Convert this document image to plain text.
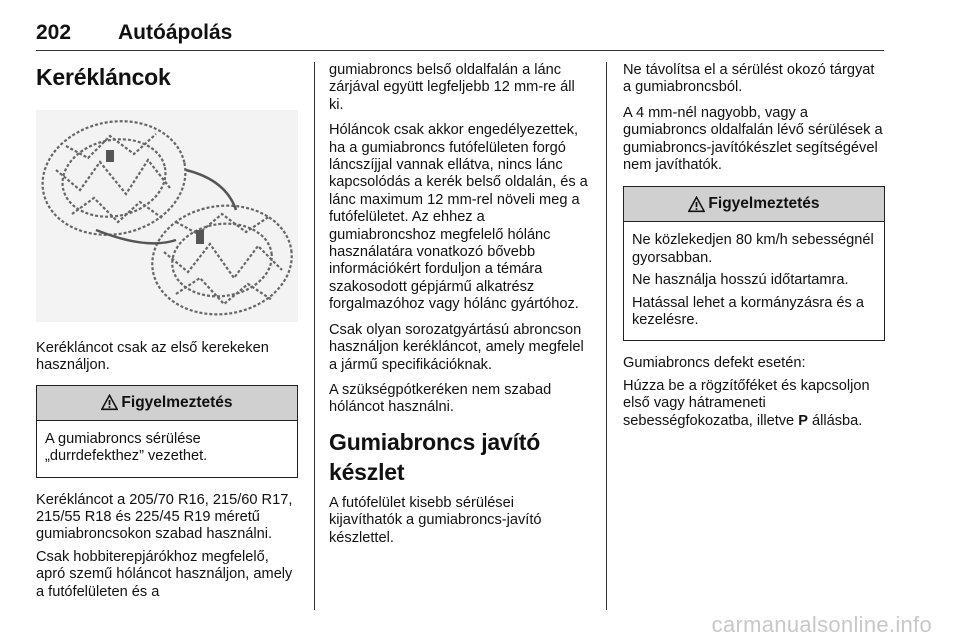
202 Autóápolás
Kerékláncok

Kerékláncot csak az első kerekeken használjon.

Figyelmeztetés

A gumiabroncs sérülése „durrdefekthez” vezethet.

Kerékláncot a 205/70 R16, 215/60 R17, 215/55 R18 és 225/45 R19 méretű gumiabroncsokon szabad használni.

Csak hobbiterepjárókhoz megfelelő, apró szemű hóláncot használjon, amely a futófelületen és a

gumiabroncs belső oldalfalán a lánc zárjával együtt legfeljebb 12 mm-re áll ki.

Hóláncok csak akkor engedélyezettek, ha a gumiabroncs futófelületen forgó láncszíjjal vannak ellátva, nincs lánc kapcsolódás a kerék belső oldalán, és a lánc maximum 12 mm-rel növeli meg a futófelületet. Az ehhez a gumiabroncshoz megfelelő hólánc használatára vonatkozó bővebb információkért forduljon a témára szakosodott gépjármű alkatrész forgalmazóhoz vagy hólánc gyártóhoz.

Csak olyan sorozatgyártású abroncson használjon kerékláncot, amely megfelel a jármű specifikációknak.

A szükségpótkeréken nem szabad hóláncot használni.

Gumiabroncs javító készlet

A futófelület kisebb sérülései kijavíthatók a gumiabroncs-javító készlettel.

Ne távolítsa el a sérülést okozó tárgyat a gumiabroncsból.

A 4 mm-nél nagyobb, vagy a gumiabroncs oldalfalán lévő sérülések a gumiabroncs-javítókészlet segítségével nem javíthatók.

Figyelmeztetés

Ne közlekedjen 80 km/h sebességnél gyorsabban.

Ne használja hosszú időtartamra.

Hatással lehet a kormányzásra és a kezelésre.

Gumiabroncs defekt esetén:

Húzza be a rögzítőféket és kapcsoljon első vagy hátrameneti sebességfokozatba, illetve P állásba.

carmanualsonline.info
